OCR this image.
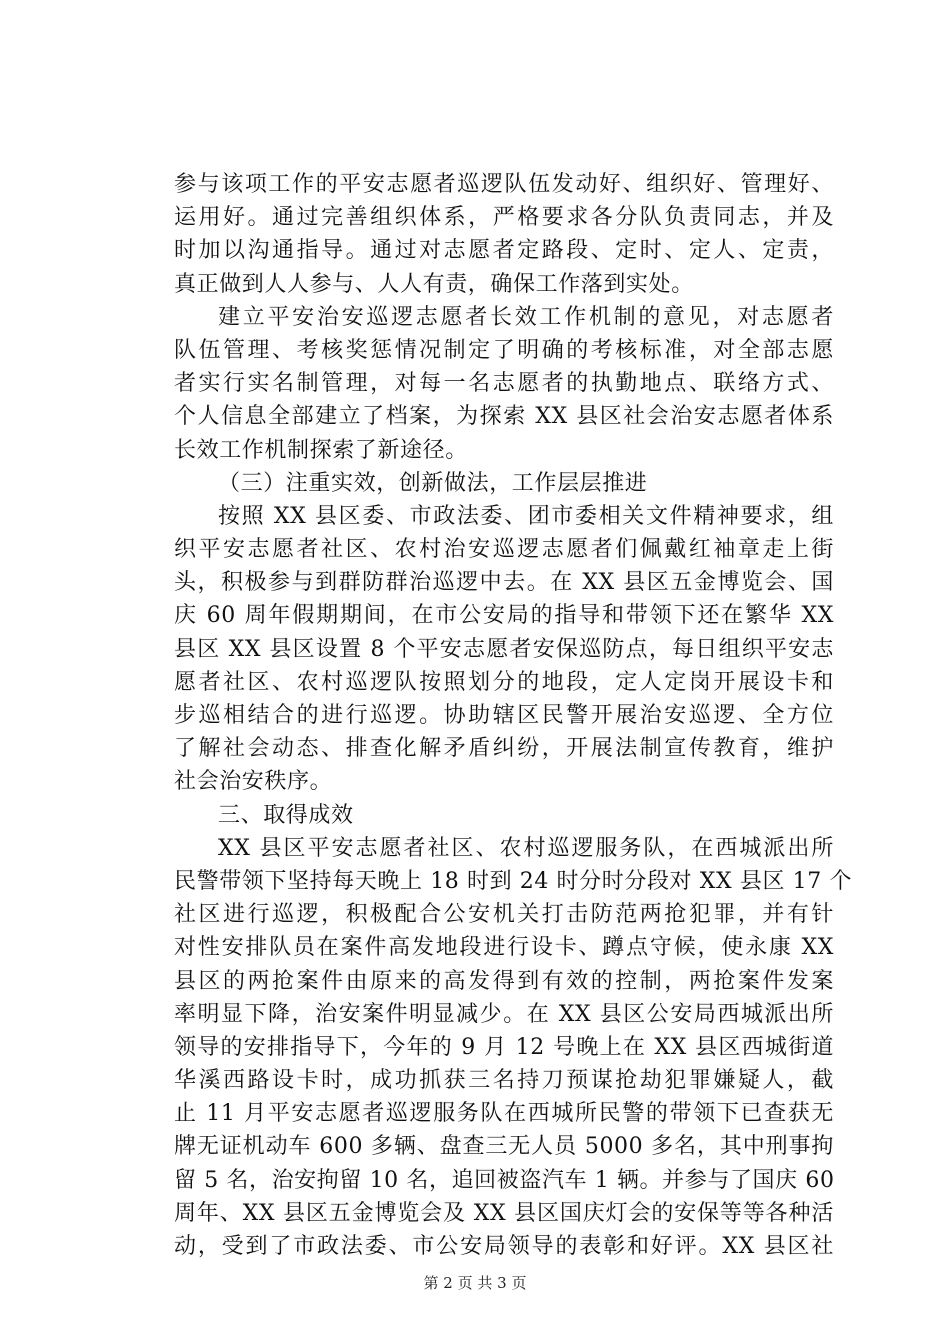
参与该项工作的平安志愿者巡逻队伍发动好、组织好、管理好、
运用好。通过完善组织体系，严格要求各分队负责同志，并及
时加以沟通指导。通过对志愿者定路段、定时、定人、定责，
真正做到人人参与、人人有责，确保工作落到实处。
建立平安治安巡逻志愿者长效工作机制的意见，对志愿者
队伍管理、考核奖惩情况制定了明确的考核标准，对全部志愿
者实行实名制管理，对每一名志愿者的执勤地点、联络方式、
个人信息全部建立了档案，为探索 XX 县区社会治安志愿者体系
长效工作机制探索了新途径。
（三）注重实效，创新做法，工作层层推进
按照 XX 县区委、市政法委、团市委相关文件精神要求，组
织平安志愿者社区、农村治安巡逻志愿者们佩戴红袖章走上街
头，积极参与到群防群治巡逻中去。在 XX 县区五金博览会、国
庆 60 周年假期期间，在市公安局的指导和带领下还在繁华 XX
县区 XX 县区设置 8 个平安志愿者安保巡防点，每日组织平安志
愿者社区、农村巡逻队按照划分的地段，定人定岗开展设卡和
步巡相结合的进行巡逻。协助辖区民警开展治安巡逻、全方位
了解社会动态、排查化解矛盾纠纷，开展法制宣传教育，维护
社会治安秩序。
三、取得成效
XX 县区平安志愿者社区、农村巡逻服务队，在西城派出所
民警带领下坚持每天晚上 18 时到 24 时分时分段对 XX 县区 17 个
社区进行巡逻，积极配合公安机关打击防范两抢犯罪，并有针
对性安排队员在案件高发地段进行设卡、蹲点守候，使永康 XX
县区的两抢案件由原来的高发得到有效的控制，两抢案件发案
率明显下降，治安案件明显减少。在 XX 县区公安局西城派出所
领导的安排指导下，今年的 9 月 12 号晚上在 XX 县区西城街道
华溪西路设卡时，成功抓获三名持刀预谋抢劫犯罪嫌疑人，截
止 11 月平安志愿者巡逻服务队在西城所民警的带领下已查获无
牌无证机动车 600 多辆、盘查三无人员 5000 多名，其中刑事拘
留 5 名，治安拘留 10 名，追回被盗汽车 1 辆。并参与了国庆 60
周年、XX 县区五金博览会及 XX 县区国庆灯会的安保等等各种活
动，受到了市政法委、市公安局领导的表彰和好评。XX 县区社
第 2 页 共 3 页
